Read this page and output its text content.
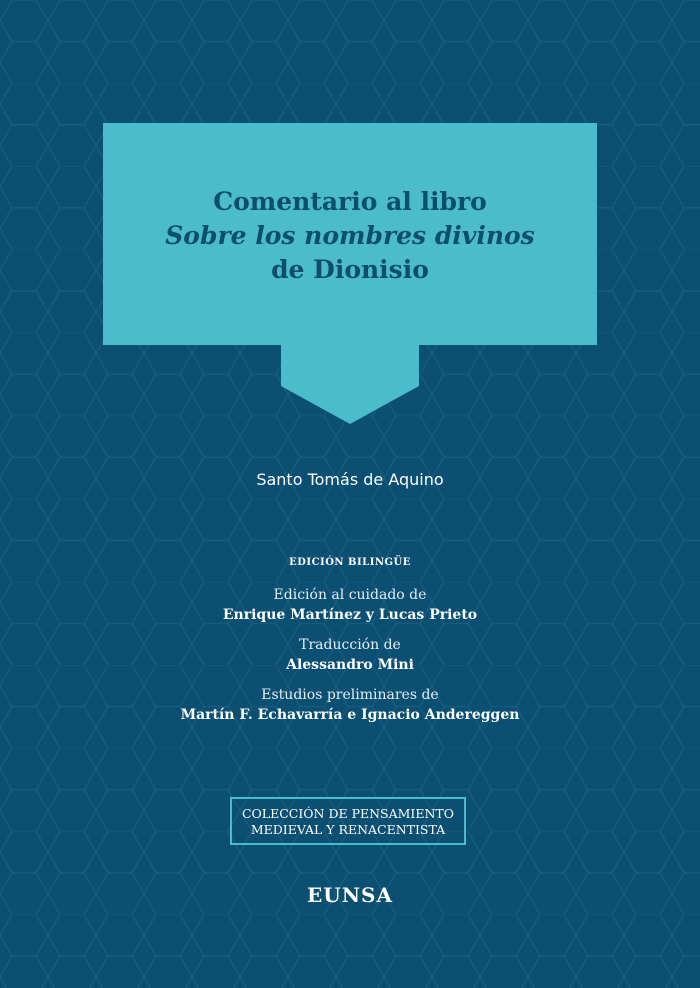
Comentario al libro
Sobre los nombres divinos
de Dionisio
Santo Tomás de Aquino
EDICIÓN BILINGÜE
Edición al cuidado de
Enrique Martínez y Lucas Prieto
Traducción de
Alessandro Mini
Estudios preliminares de
Martín F. Echavarría e Ignacio Andereggen
COLECCIÓN DE PENSAMIENTO
MEDIEVAL Y RENACENTISTA
EUNSA
